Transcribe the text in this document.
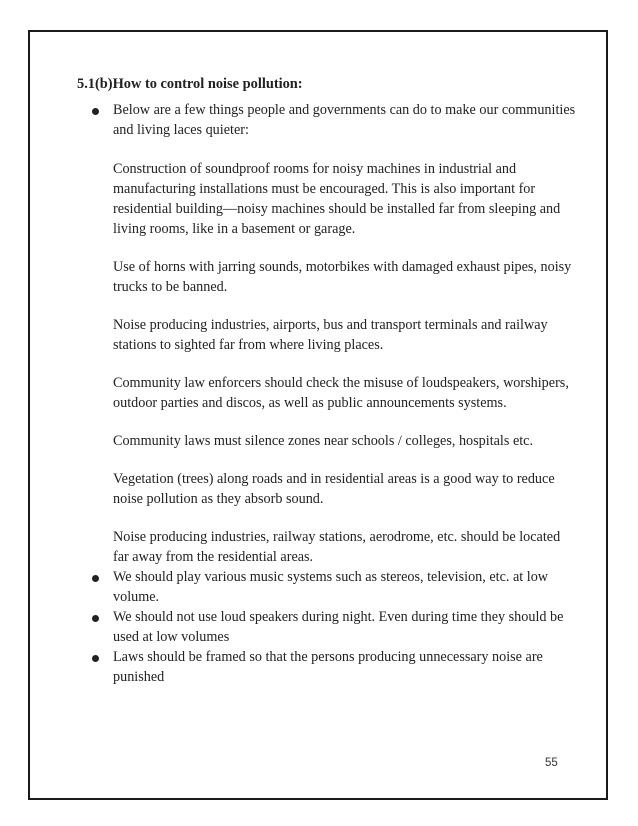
5.1(b)How to control noise pollution:

Below are a few things people and governments can do to make our communities and living laces quieter:

Construction of soundproof rooms for noisy machines in industrial and manufacturing installations must be encouraged. This is also important for residential building—noisy machines should be installed far from sleeping and living rooms, like in a basement or garage.

Use of horns with jarring sounds, motorbikes with damaged exhaust pipes, noisy trucks to be banned.

Noise producing industries, airports, bus and transport terminals and railway stations to sighted far from where living places.

Community law enforcers should check the misuse of loudspeakers, worshipers, outdoor parties and discos, as well as public announcements systems.

Community laws must silence zones near schools / colleges, hospitals etc.

Vegetation (trees) along roads and in residential areas is a good way to reduce noise pollution as they absorb sound.

Noise producing industries, railway stations, aerodrome, etc. should be located far away from the residential areas.

We should play various music systems such as stereos, television, etc. at low volume.
We should not use loud speakers during night. Even during time they should be used at low volumes
Laws should be framed so that the persons producing unnecessary noise are punished
55
